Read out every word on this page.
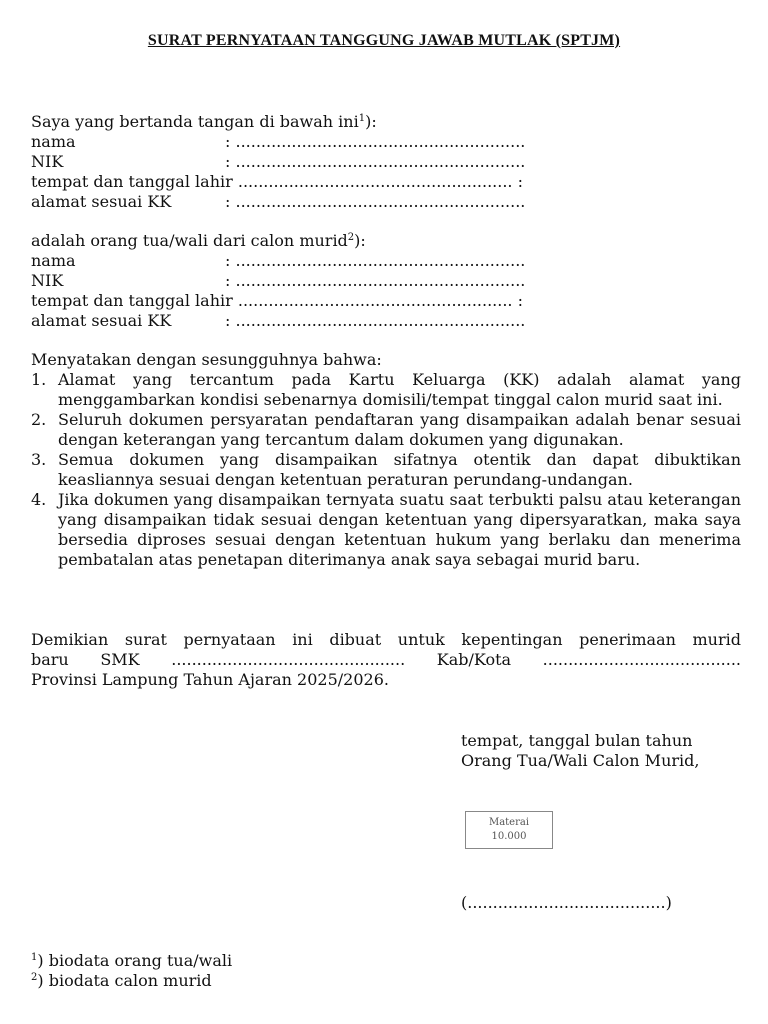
SURAT PERNYATAAN TANGGUNG JAWAB MUTLAK (SPTJM)
Saya yang bertanda tangan di bawah ini$^1$):
nama	: .........................................................
NIK	: .........................................................
tempat dan tanggal lahir ...................................................... :
alamat sesuai KK	: .........................................................
adalah orang tua/wali dari calon murid$^2$):
nama	: .........................................................
NIK	: .........................................................
tempat dan tanggal lahir ...................................................... :
alamat sesuai KK	: .........................................................
Menyatakan dengan sesungguhnya bahwa:
1. Alamat yang tercantum pada Kartu Keluarga (KK) adalah alamat yang menggambarkan kondisi sebenarnya domisili/tempat tinggal calon murid saat ini.
2. Seluruh dokumen persyaratan pendaftaran yang disampaikan adalah benar sesuai dengan keterangan yang tercantum dalam dokumen yang digunakan.
3. Semua dokumen yang disampaikan sifatnya otentik dan dapat dibuktikan keasliannya sesuai dengan ketentuan peraturan perundang-undangan.
4. Jika dokumen yang disampaikan ternyata suatu saat terbukti palsu atau keterangan yang disampaikan tidak sesuai dengan ketentuan yang dipersyaratkan, maka saya bersedia diproses sesuai dengan ketentuan hukum yang berlaku dan menerima pembatalan atas penetapan diterimanya anak saya sebagai murid baru.
Demikian surat pernyataan ini dibuat untuk kepentingan penerimaan murid
baru SMK .............................................. Kab/Kota .......................................
Provinsi Lampung Tahun Ajaran 2025/2026.
tempat, tanggal bulan tahun
Orang Tua/Wali Calon Murid,
Materai
10.000
(.......................................)
$^1$) biodata orang tua/wali
$^2$) biodata calon murid
